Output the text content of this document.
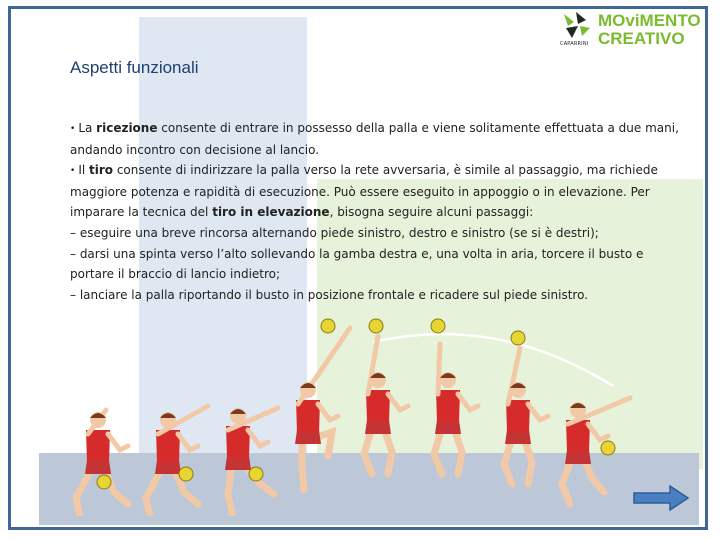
CAPARRINI
MOviMENTO
CREATIVO
Aspetti funzionali

• La ricezione consente di entrare in possesso della palla e viene solitamente effettuata a due mani, andando incontro con decisione al lancio.

• Il tiro consente di indirizzare la palla verso la rete avversaria, è simile al passaggio, ma richiede maggiore potenza e rapidità di esecuzione. Può essere eseguito in appoggio o in elevazione. Per imparare la tecnica del tiro in elevazione, bisogna seguire alcuni passaggi:

– eseguire una breve rincorsa alternando piede sinistro, destro e sinistro (se si è destri);

– darsi una spinta verso l’alto sollevando la gamba destra e, una volta in aria, torcere il busto e portare il braccio di lancio indietro;

– lanciare la palla riportando il busto in posizione frontale e ricadere sul piede sinistro.
